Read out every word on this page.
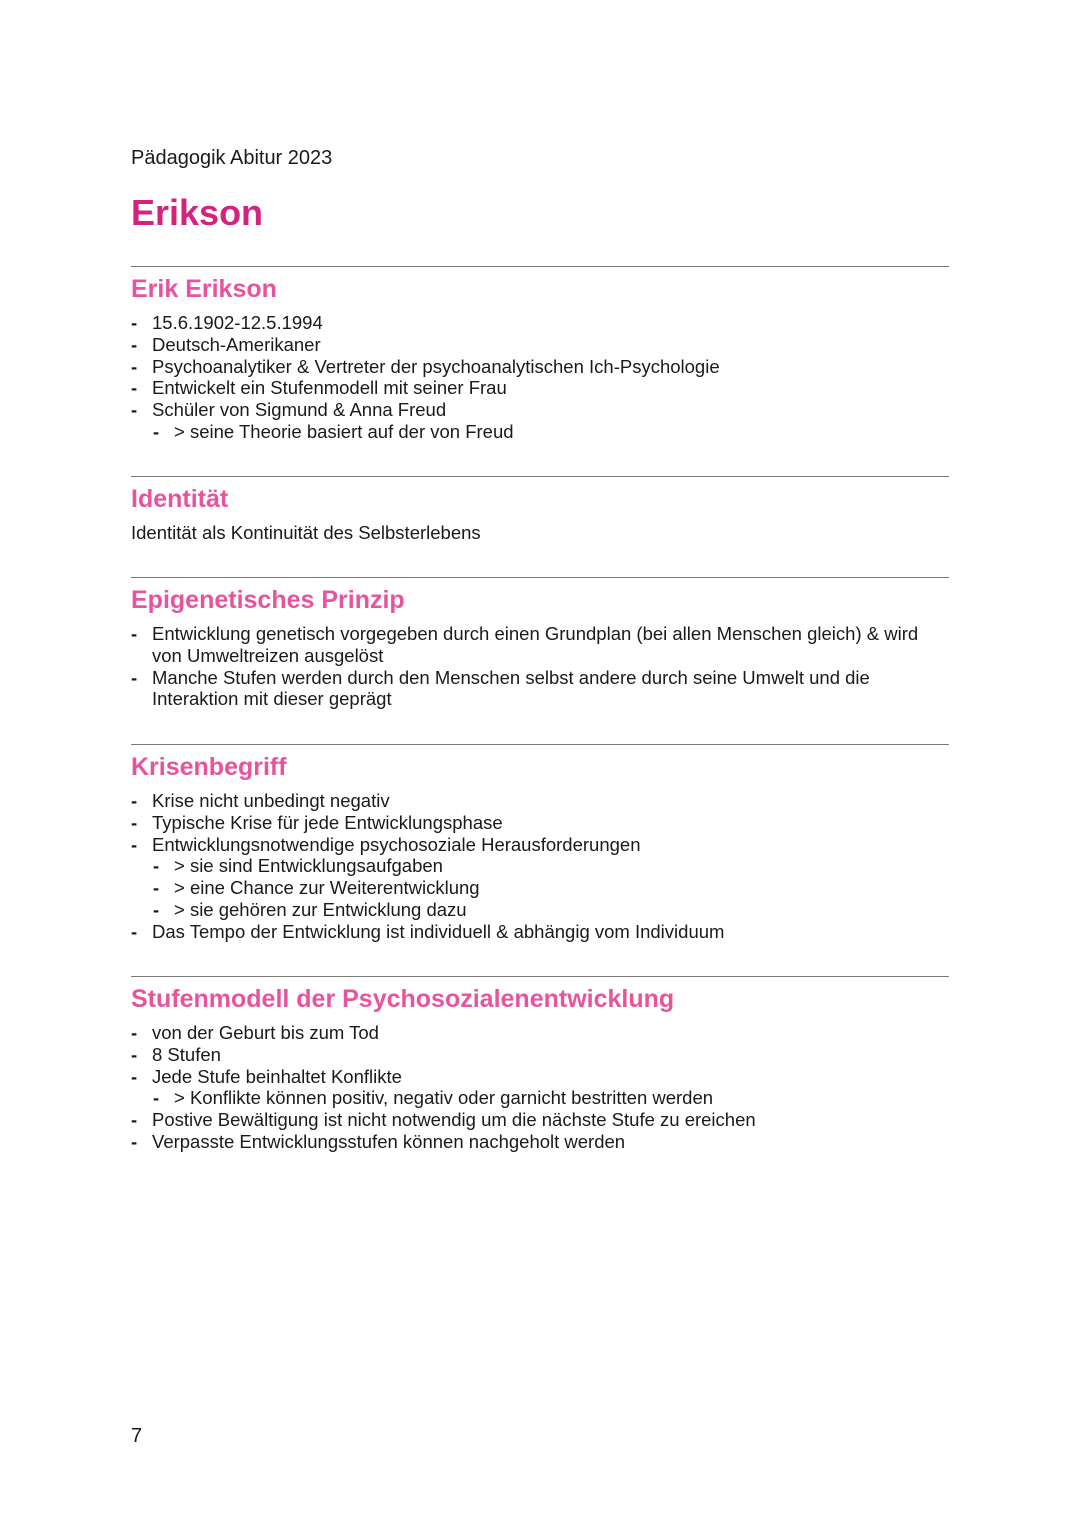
Pädagogik Abitur 2023
Erikson
Erik Erikson
- 15.6.1902-12.5.1994
- Deutsch-Amerikaner
- Psychoanalytiker & Vertreter der psychoanalytischen Ich-Psychologie
- Entwickelt ein Stufenmodell mit seiner Frau
- Schüler von Sigmund & Anna Freud
- > seine Theorie basiert auf der von Freud
Identität
Identität als Kontinuität des Selbsterlebens
Epigenetisches Prinzip
- Entwicklung genetisch vorgegeben durch einen Grundplan (bei allen Menschen gleich) & wird von Umweltreizen ausgelöst
- Manche Stufen werden durch den Menschen selbst andere durch seine Umwelt und die Interaktion mit dieser geprägt
Krisenbegriff
- Krise nicht unbedingt negativ
- Typische Krise für jede Entwicklungsphase
- Entwicklungsnotwendige psychosoziale Herausforderungen
- > sie sind Entwicklungsaufgaben
- > eine Chance zur Weiterentwicklung
- > sie gehören zur Entwicklung dazu
- Das Tempo der Entwicklung ist individuell & abhängig vom Individuum
Stufenmodell der Psychosozialenentwicklung
- von der Geburt bis zum Tod
- 8 Stufen
- Jede Stufe beinhaltet Konflikte
- > Konflikte können positiv, negativ oder garnicht bestritten werden
- Postive Bewältigung ist nicht notwendig um die nächste Stufe zu ereichen
- Verpasste Entwicklungsstufen können nachgeholt werden
7
